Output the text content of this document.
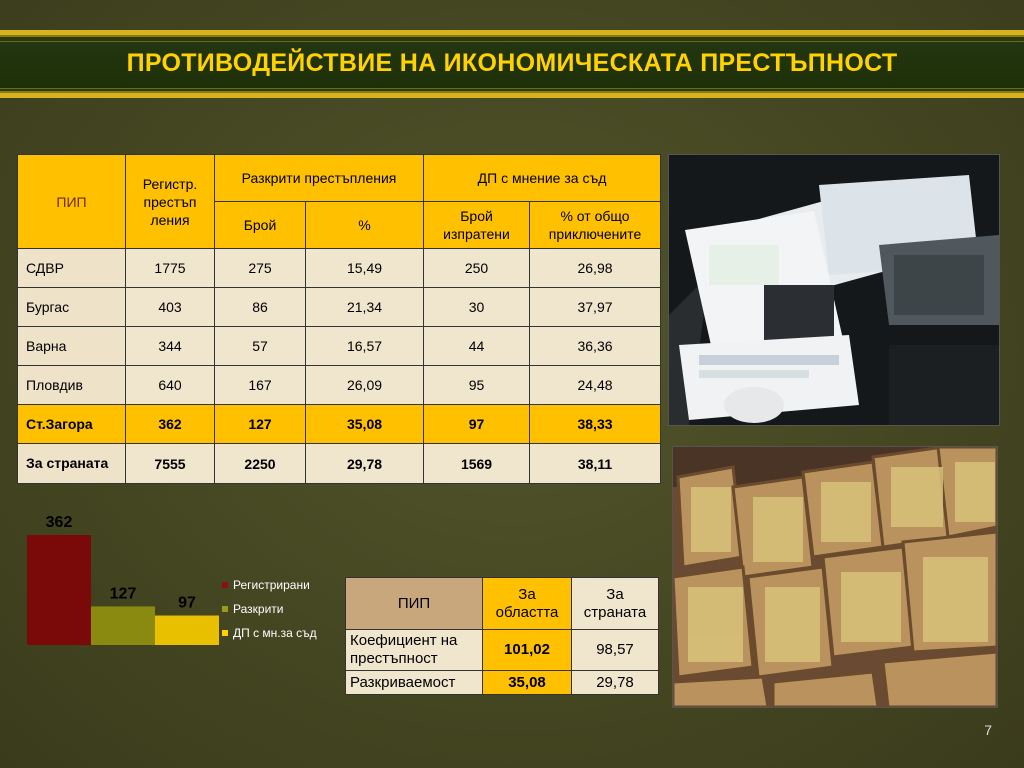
ПРОТИВОДЕЙСТВИЕ НА ИКОНОМИЧЕСКАТА ПРЕСТЪПНОСТ
ПИП	Регистр. престъп ления	Разкрити престъпления		ДП с мнение за съд	
		Брой	%	Брой изпратени	% от общо приключените
СДВР	1775	275	15,49	250	26,98
Бургас	403	86	21,34	30	37,97
Варна	344	57	16,57	44	36,36
Пловдив	640	167	26,09	95	24,48
Ст.Загора	362	127	35,08	97	38,33
За страната	7555	2250	29,78	1569	38,11
362
127
97
Регистрирани
Разкрити
ДП с мн.за съд
ПИП	За областта	За страната
Коефициент на престъпност	101,02	98,57
Разкриваемост	35,08	29,78
7
